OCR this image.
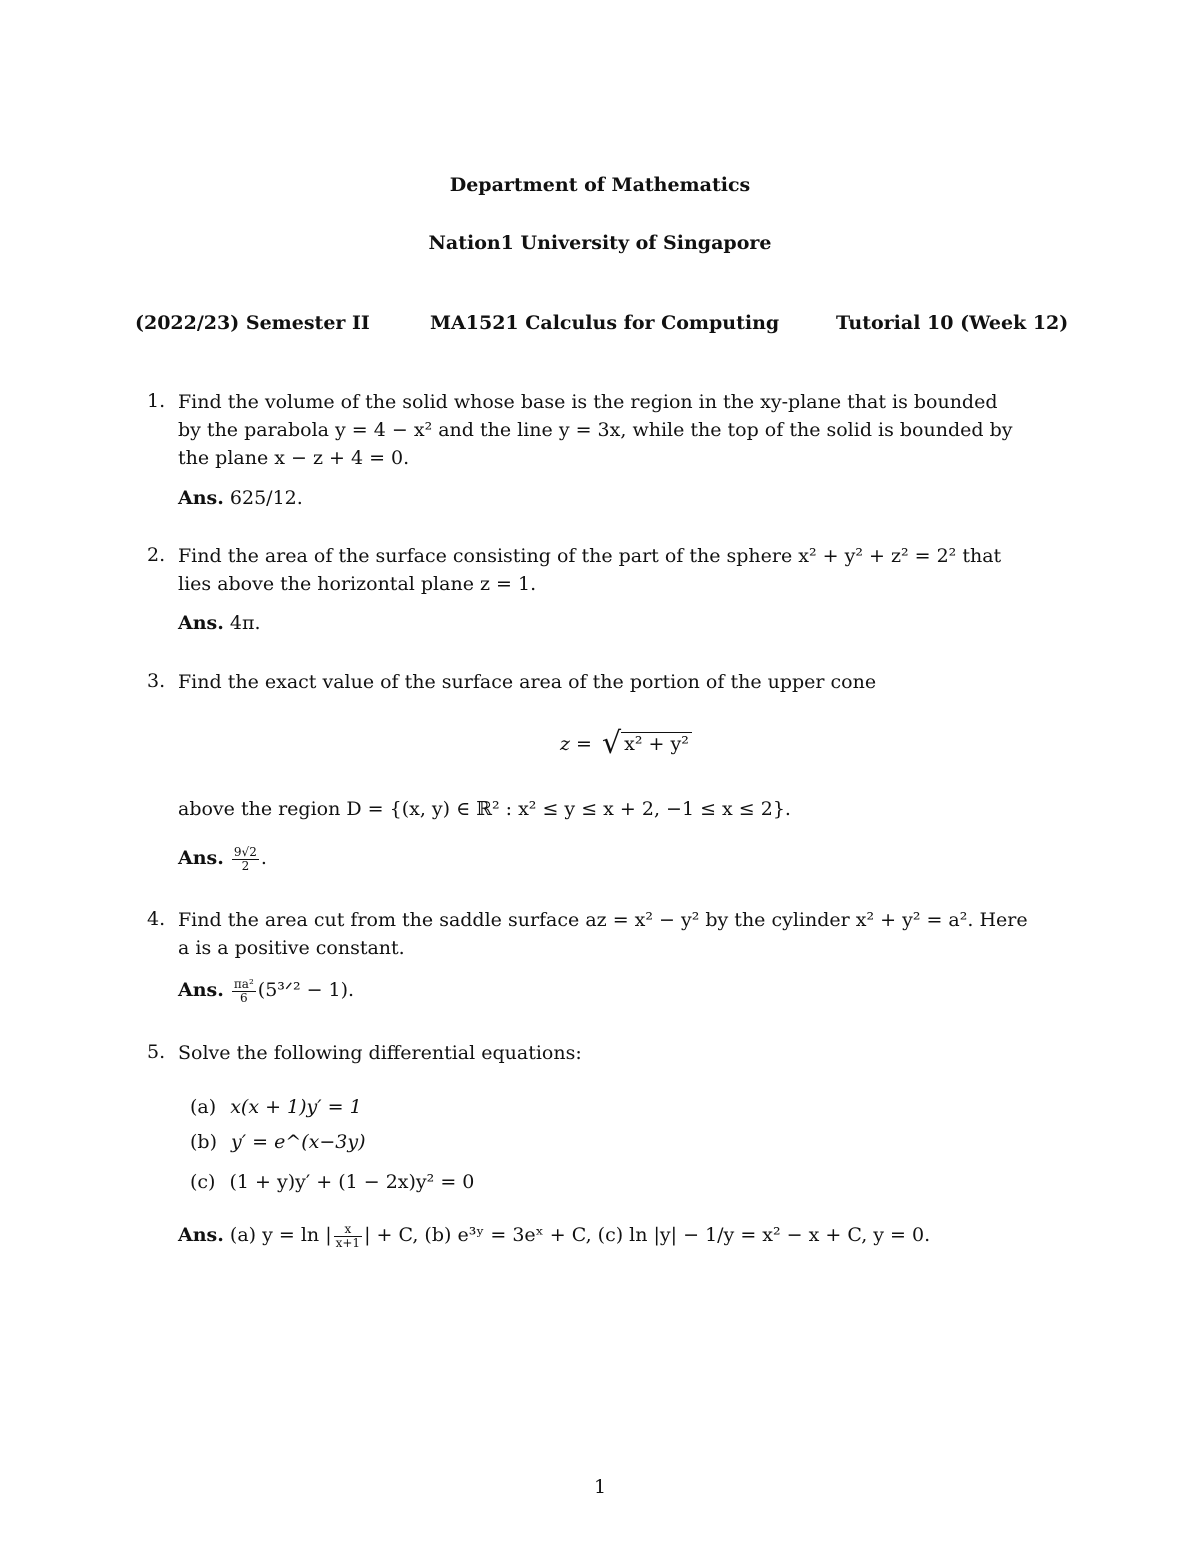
Department of Mathematics
Nation1 University of Singapore
(2022/23) Semester II	MA1521 Calculus for Computing	Tutorial 10 (Week 12)
1. Find the volume of the solid whose base is the region in the xy-plane that is bounded
by the parabola y = 4 − x² and the line y = 3x, while the top of the solid is bounded by
the plane x − z + 4 = 0.
Ans. 625/12.
2. Find the area of the surface consisting of the part of the sphere x² + y² + z² = 2² that
lies above the horizontal plane z = 1.
Ans. 4π.
3. Find the exact value of the surface area of the portion of the upper cone
z = √ x² + y²
above the region D = {(x, y) ∈ ℝ² : x² ≤ y ≤ x + 2, −1 ≤ x ≤ 2}.
Ans. $\frac{9√2}{2}$ .
4. Find the area cut from the saddle surface az = x² − y² by the cylinder x² + y² = a². Here
a is a positive constant.
Ans. $\frac{\text{πa²}}{6}$ (5³ᐟ² − 1).
5. Solve the following differential equations:
(a) x(x + 1)y′ = 1
(b) y′ = e^(x−3y)
(c) (1 + y)y′ + (1 − 2x)y² = 0
Ans. (a) y = ln | $\frac{x}{x+1}$ | + C, (b) e³ʸ = 3eˣ + C, (c) ln |y| − 1/y = x² − x + C, y = 0.
1
